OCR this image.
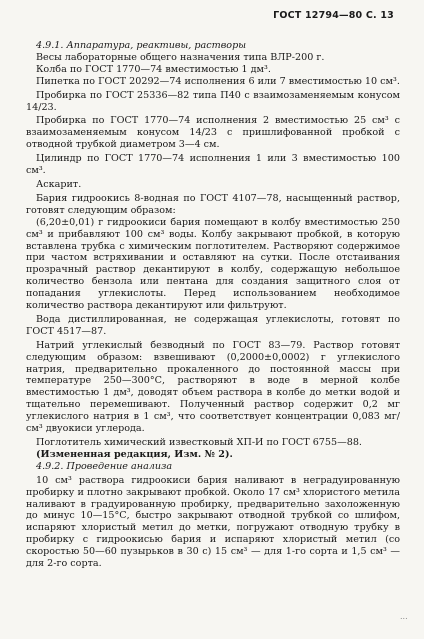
ГОСТ 12794—80 С. 13

4.9.1. Аппаратура, реактивы, растворы

Весы лабораторные общего назначения типа ВЛР-200 г.

Колба по ГОСТ 1770—74 вместимостью 1 дм³.

Пипетка по ГОСТ 20292—74 исполнения 6 или 7 вместимостью 10 см³.

Пробирка по ГОСТ 25336—82 типа П40 с взаимозаменяемым конусом 14/23.

Пробирка по ГОСТ 1770—74 исполнения 2 вместимостью 25 см³ с взаимозаменяемым конусом 14/23 с пришлифованной пробкой с отводной трубкой диаметром 3—4 см.

Цилиндр по ГОСТ 1770—74 исполнения 1 или 3 вместимостью 100 см³.

Аскарит.

Бария гидроокись 8-водная по ГОСТ 4107—78, насыщенный раствор, готовят следующим образом:

(6,20±0,01) г гидроокиси бария помещают в колбу вместимостью 250 см³ и прибавляют 100 см³ воды. Колбу закрывают пробкой, в которую вставлена трубка с химическим поглотителем. Растворяют содержимое при частом встряхивании и оставляют на сутки. После отстаивания прозрачный раствор декантируют в колбу, содержащую небольшое количество бензола или пентана для создания защитного слоя от попадания углекислоты. Перед использованием необходимое количество раствора декантируют или фильтруют.

Вода дистиллированная, не содержащая углекислоты, готовят по ГОСТ 4517—87.

Натрий углекислый безводный по ГОСТ 83—79. Раствор готовят следующим образом: взвешивают (0,2000±0,0002) г углекислого натрия, предварительно прокаленного до постоянной массы при температуре 250—300°С, растворяют в воде в мерной колбе вместимостью 1 дм³, доводят объем раствора в колбе до метки водой и тщательно перемешивают. Полученный раствор содержит 0,2 мг углекислого натрия в 1 см³, что соответствует концентрации 0,083 мг/см³ двуокиси углерода.

Поглотитель химический известковый ХП-И по ГОСТ 6755—88.

(Измененная редакция, Изм. № 2).

4.9.2. Проведение анализа

10 см³ раствора гидроокиси бария наливают в неградуированную пробирку и плотно закрывают пробкой. Около 17 см³ хлористого метила наливают в градуированную пробирку, предварительно захоложенную до минус 10—15°С, быстро закрывают отводной трубкой со шлифом, испаряют хлористый метил до метки, погружают отводную трубку в пробирку с гидроокисью бария и испаряют хлористый метил (со скоростью 50—60 пузырьков в 30 с) 15 см³ — для 1-го сорта и 1,5 см³ — для 2-го сорта.

...
